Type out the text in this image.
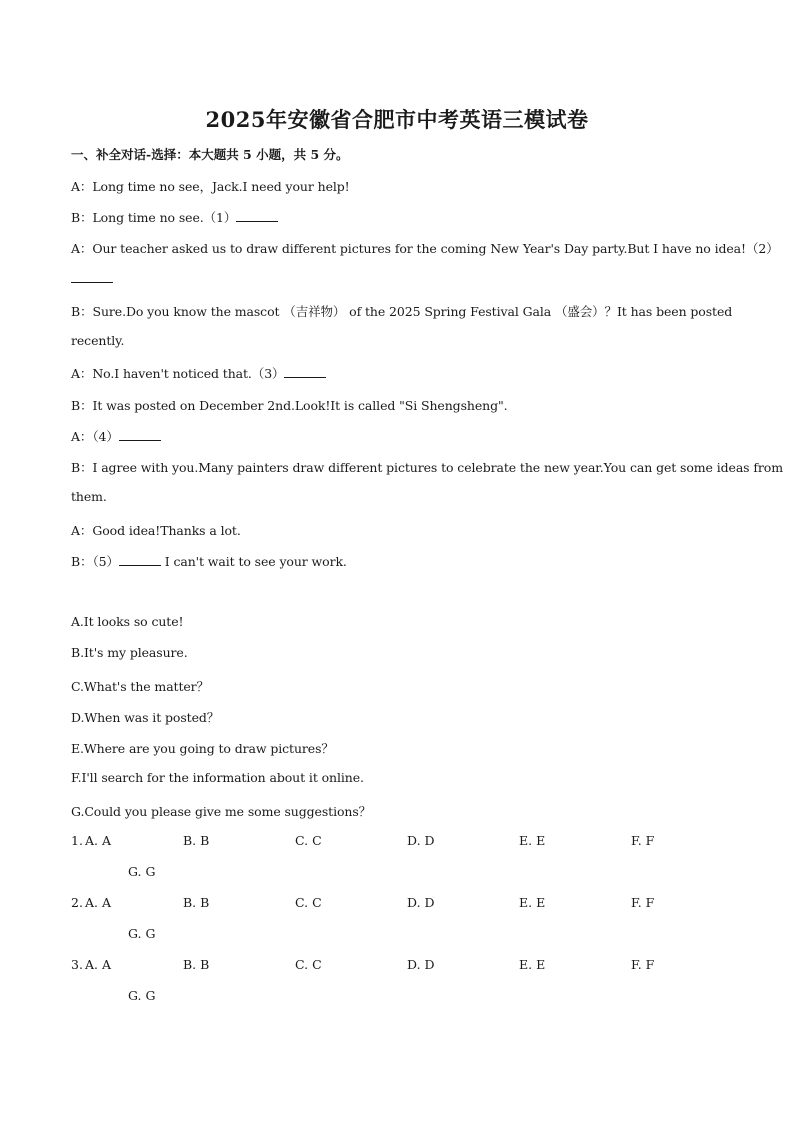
2025年安徽省合肥市中考英语三模试卷
一、补全对话-选择：本大题共 5 小题，共 5 分。
A：Long time no see，Jack.I need your help!
B：Long time no see.（1）
A：Our teacher asked us to draw different pictures for the coming New Year's Day party.But I have no idea!（2）
B：Sure.Do you know the mascot （吉祥物） of the 2025 Spring Festival Gala （盛会）？It has been posted
recently.
A：No.I haven't noticed that.（3）
B：It was posted on December 2nd.Look!It is called "Si Shengsheng".
A：（4）
B：I agree with you.Many painters draw different pictures to celebrate the new year.You can get some ideas from
them.
A：Good idea!Thanks a lot.
B：（5）	I can't wait to see your work.
A.It looks so cute!
B.It's my pleasure.
C.What's the matter？
D.When was it posted？
E.Where are you going to draw pictures？
F.I'll search for the information about it online.
G.Could you please give me some suggestions？
1. A. A	B. B	C. C	D. D	E. E	F. F
G. G
2. A. A	B. B	C. C	D. D	E. E	F. F
G. G
3. A. A	B. B	C. C	D. D	E. E	F. F
G. G
